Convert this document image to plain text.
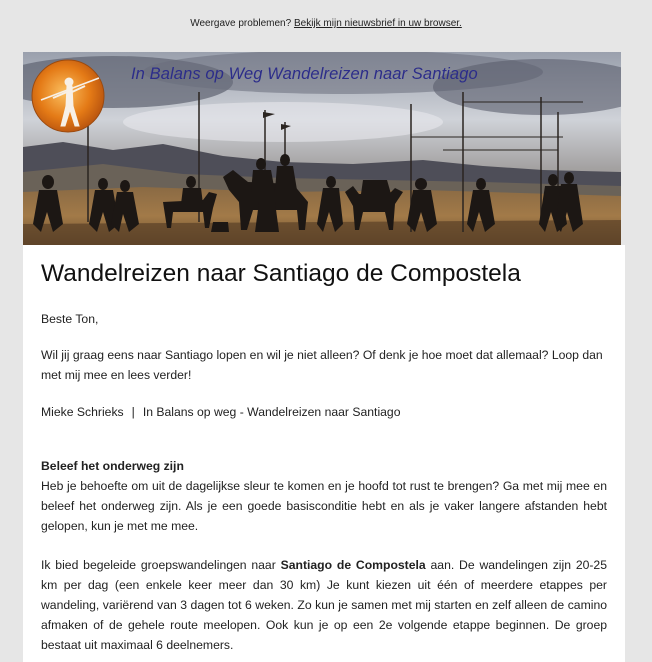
Weergave problemen? Bekijk mijn nieuwsbrief in uw browser.
In Balans op Weg Wandelreizen naar Santiago
Wandelreizen naar Santiago de Compostela

Beste Ton,

Wil jij graag eens naar Santiago lopen en wil je niet alleen? Of denk je hoe moet dat allemaal? Loop dan met mij mee en lees verder!

Mieke Schrieks | In Balans op weg - Wandelreizen naar Santiago

Beleef het onderweg zijn

Heb je behoefte om uit de dagelijkse sleur te komen en je hoofd tot rust te brengen? Ga met mij mee en beleef het onderweg zijn. Als je een goede basisconditie hebt en als je vaker langere afstanden hebt gelopen, kun je met me mee.

Ik bied begeleide groepswandelingen naar Santiago de Compostela aan. De wandelingen zijn 20-25 km per dag (een enkele keer meer dan 30 km) Je kunt kiezen uit één of meerdere etappes per wandeling, variërend van 3 dagen tot 6 weken. Zo kun je samen met mij starten en zelf alleen de camino afmaken of de gehele route meelopen. Ook kun je op een 2e volgende etappe beginnen. De groep bestaat uit maximaal 6 deelnemers.
